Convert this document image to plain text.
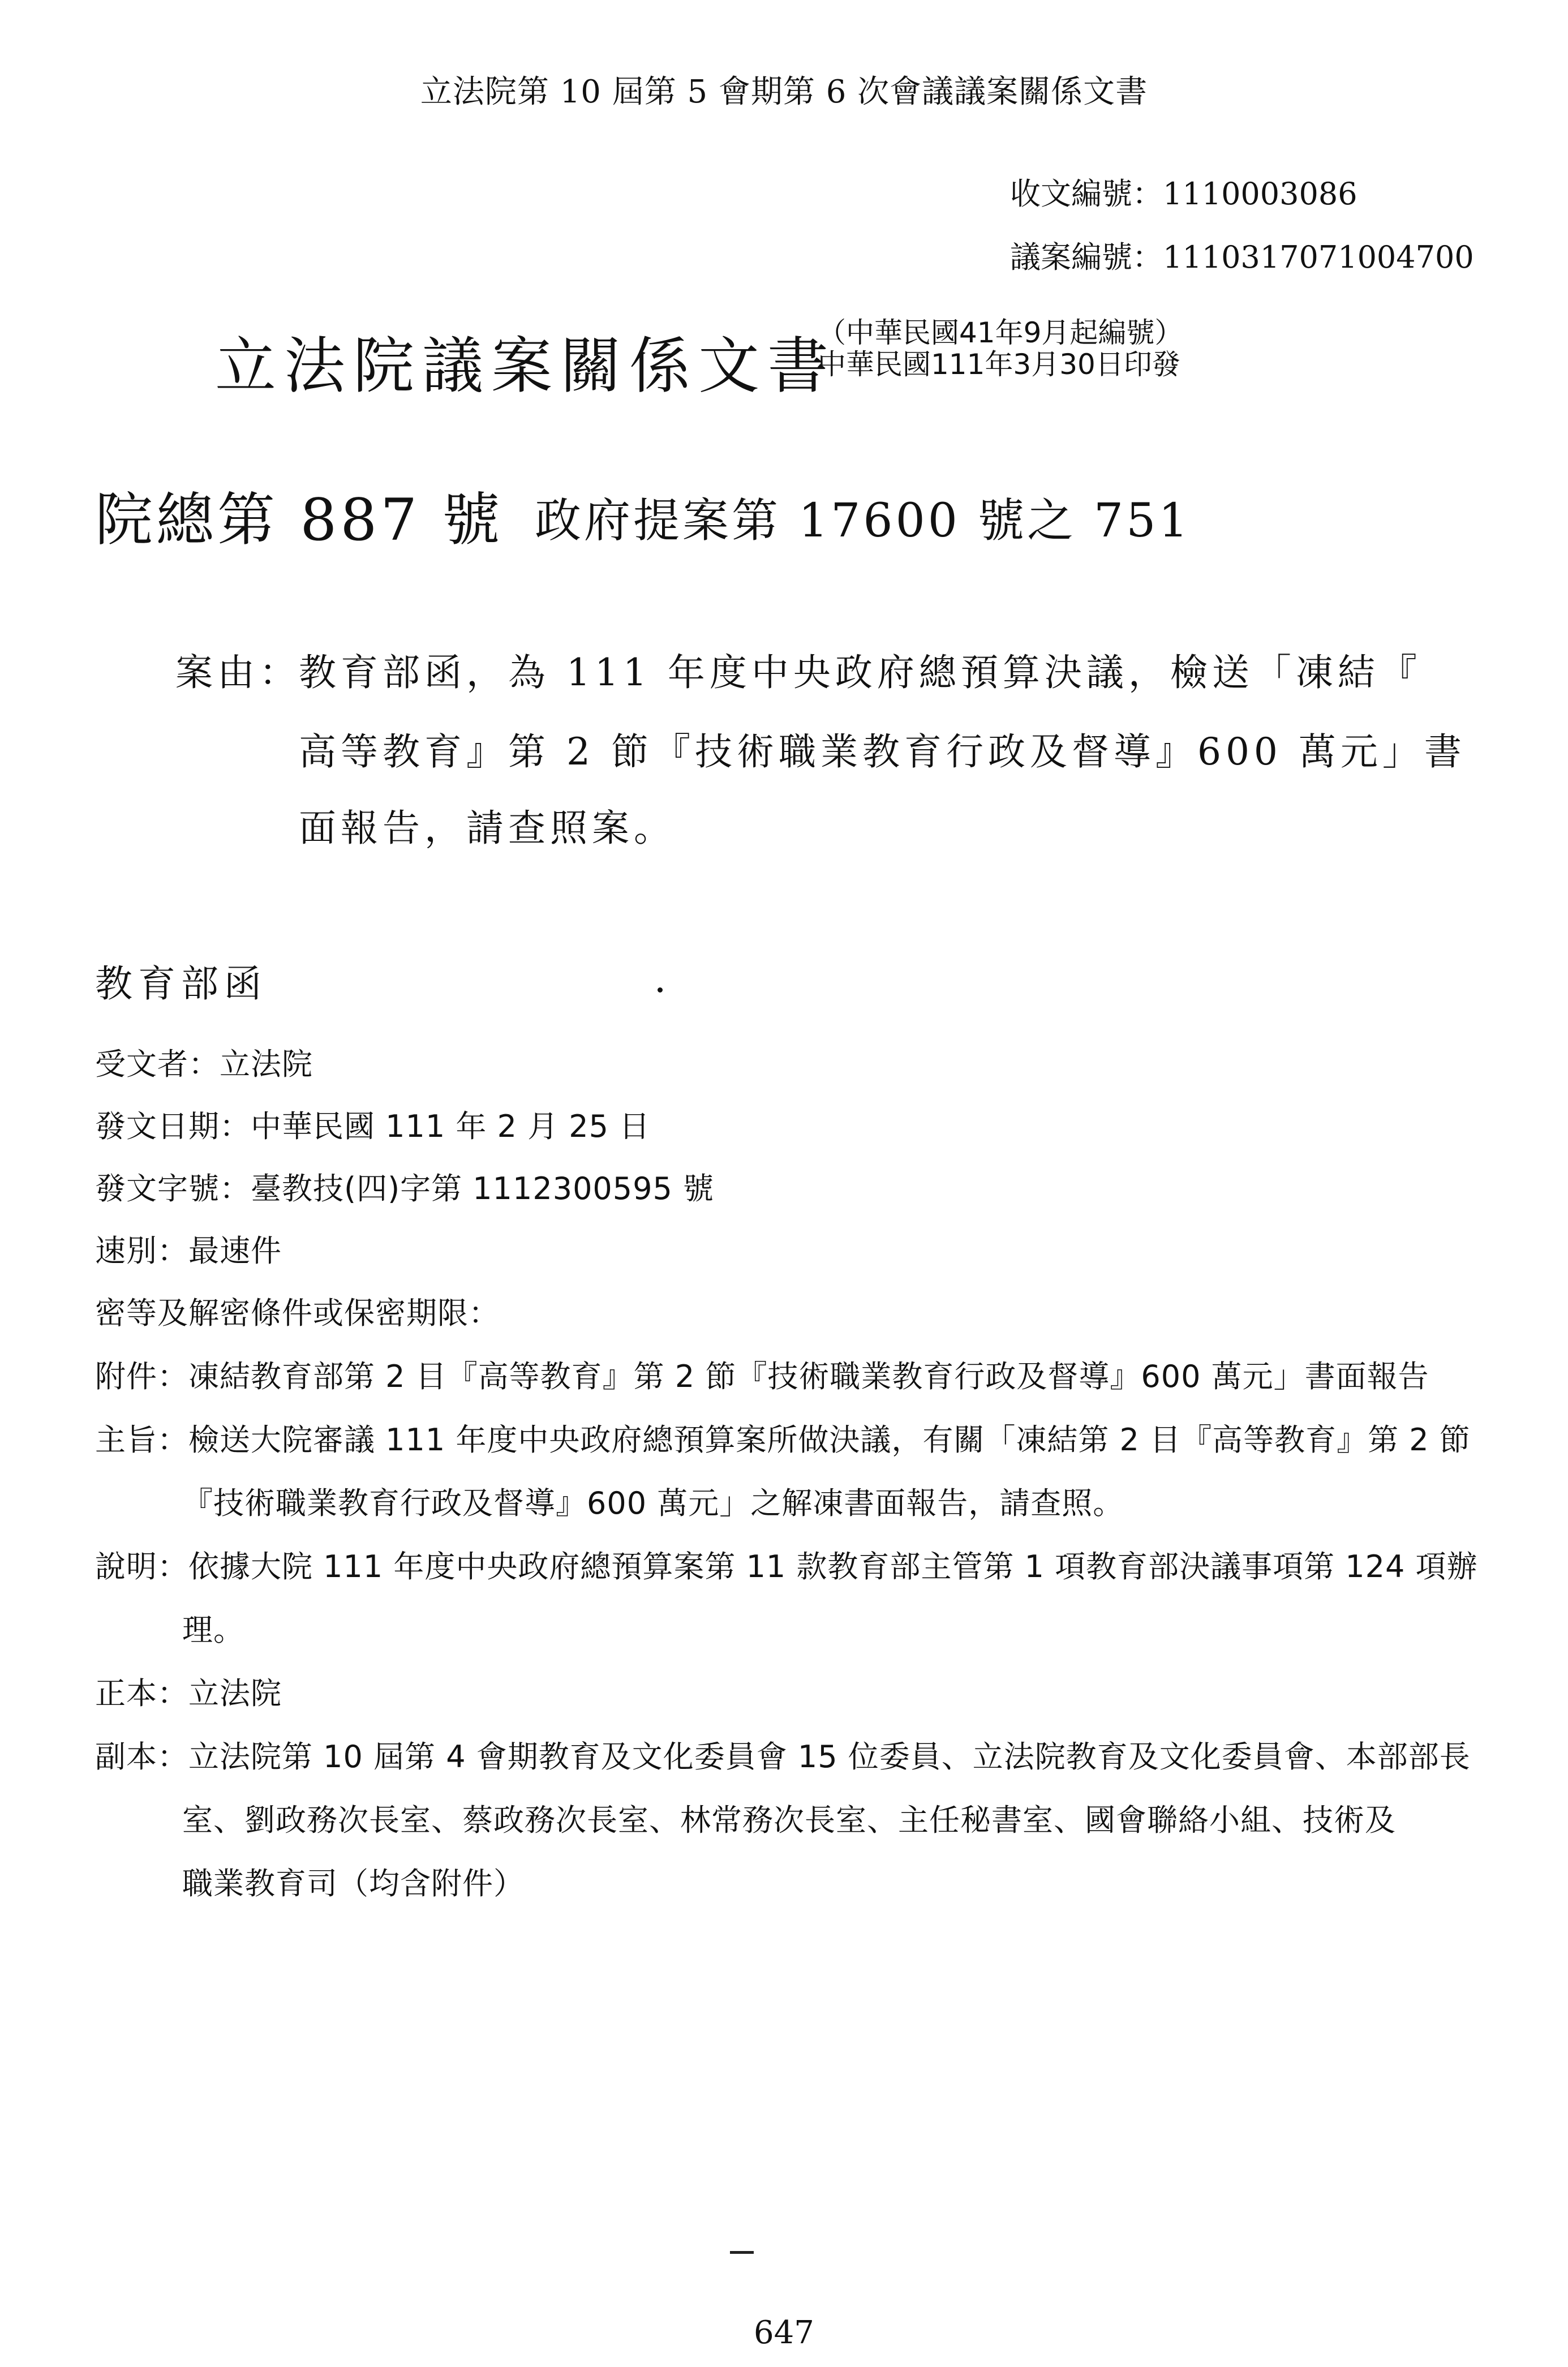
立法院第 10 屆第 5 會期第 6 次會議議案關係文書
收文編號：1110003086
議案編號：1110317071004700
立法院議案關係文書
（中華民國41年9月起編號）
中華民國111年3月30日印發
院總第 887 號 政府提案第 17600 號之 751
案由：
教育部函，為 111 年度中央政府總預算決議，檢送「凍結『
高等教育』第 2 節『技術職業教育行政及督導』600 萬元」書
面報告，請查照案。
教育部函
受文者：立法院
發文日期：中華民國 111 年 2 月 25 日
發文字號：臺教技(四)字第 1112300595 號
速別：最速件
密等及解密條件或保密期限：
附件：凍結教育部第 2 目『高等教育』第 2 節『技術職業教育行政及督導』600 萬元」書面報告
主旨：檢送大院審議 111 年度中央政府總預算案所做決議，有關「凍結第 2 目『高等教育』第 2 節
『技術職業教育行政及督導』600 萬元」之解凍書面報告，請查照。
說明：依據大院 111 年度中央政府總預算案第 11 款教育部主管第 1 項教育部決議事項第 124 項辦
理。
正本：立法院
副本：立法院第 10 屆第 4 會期教育及文化委員會 15 位委員、立法院教育及文化委員會、本部部長
室、劉政務次長室、蔡政務次長室、林常務次長室、主任秘書室、國會聯絡小組、技術及
職業教育司（均含附件）
647
